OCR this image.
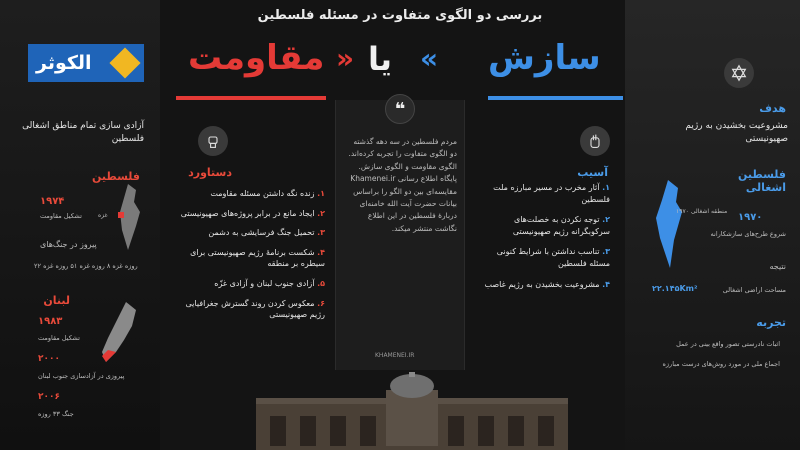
بررسی دو الگوی متفاوت در مسئله فلسطین
الکوثر	سازش
«
یا
»
مقاومت
❝
مردم فلسطین در سه دهه گذشته دو الگوی متفاوت را تجربه کرده‌اند. الگوی مقاومت و الگوی سازش. پایگاه اطلاع رسانی Khamenei.ir مقایسه‌ای بین دو الگو را براساس بیانات حضرت آیت الله خامنه‌ای دربارهٔ فلسطین در این اطلاع نگاشت منتشر میکند.
KHAMENEI.IR
هدف
مشروعیت بخشیدن به رژیم صهیونیستی
فلسطین اشغالی
۱۹۷۰ منطقه اشغالی
۱۹۷۰
شروع طرح‌های سازشکارانه
نتیجه
مساحت اراضی اشغالی
۲۲.۱۴۵Km²
تجربه
اثبات نادرستی تصور واقع بینی در عمل
اجماع ملی در مورد روش‌های درست مبارزه
آسیب
۱. آثار مخرب در مسیر مبارزه ملت فلسطین
۲. توجه نکردن به خصلت‌های سرکوبگرانه رژیم صهیونیستی
۳. تناسب نداشتن با شرایط کنونی مسئله فلسطین
۴. مشروعیت بخشیدن به رژیم غاصب
دستاورد
۱. زنده نگه داشتن مسئله مقاومت
۲. ایجاد مانع در برابر پروژه‌های صهیونیستی
۳. تحمیل جنگ فرسایشی به دشمن
۴. شکست برنامهٔ رژیم صهیونیستی برای سیطره بر منطقه
۵. آزادی جنوب لبنان و آزادی غزّه
۶. معکوس کردن روند گسترش جغرافیایی رژیم صهیونیستی
آزادی سازی تمام مناطق اشغالی فلسطین
فلسطین
۱۹۷۴
تشکیل مقاومت	غزه
پیروز در جنگ‌های
۲۲ روزه غزه ۸ روزه غزه ۵۱ روزه غزه
لبنان
۱۹۸۳
تشکیل مقاومت
۲۰۰۰
پیروزی در آزادسازی جنوب لبنان
۲۰۰۶
جنگ ۳۳ روزه
